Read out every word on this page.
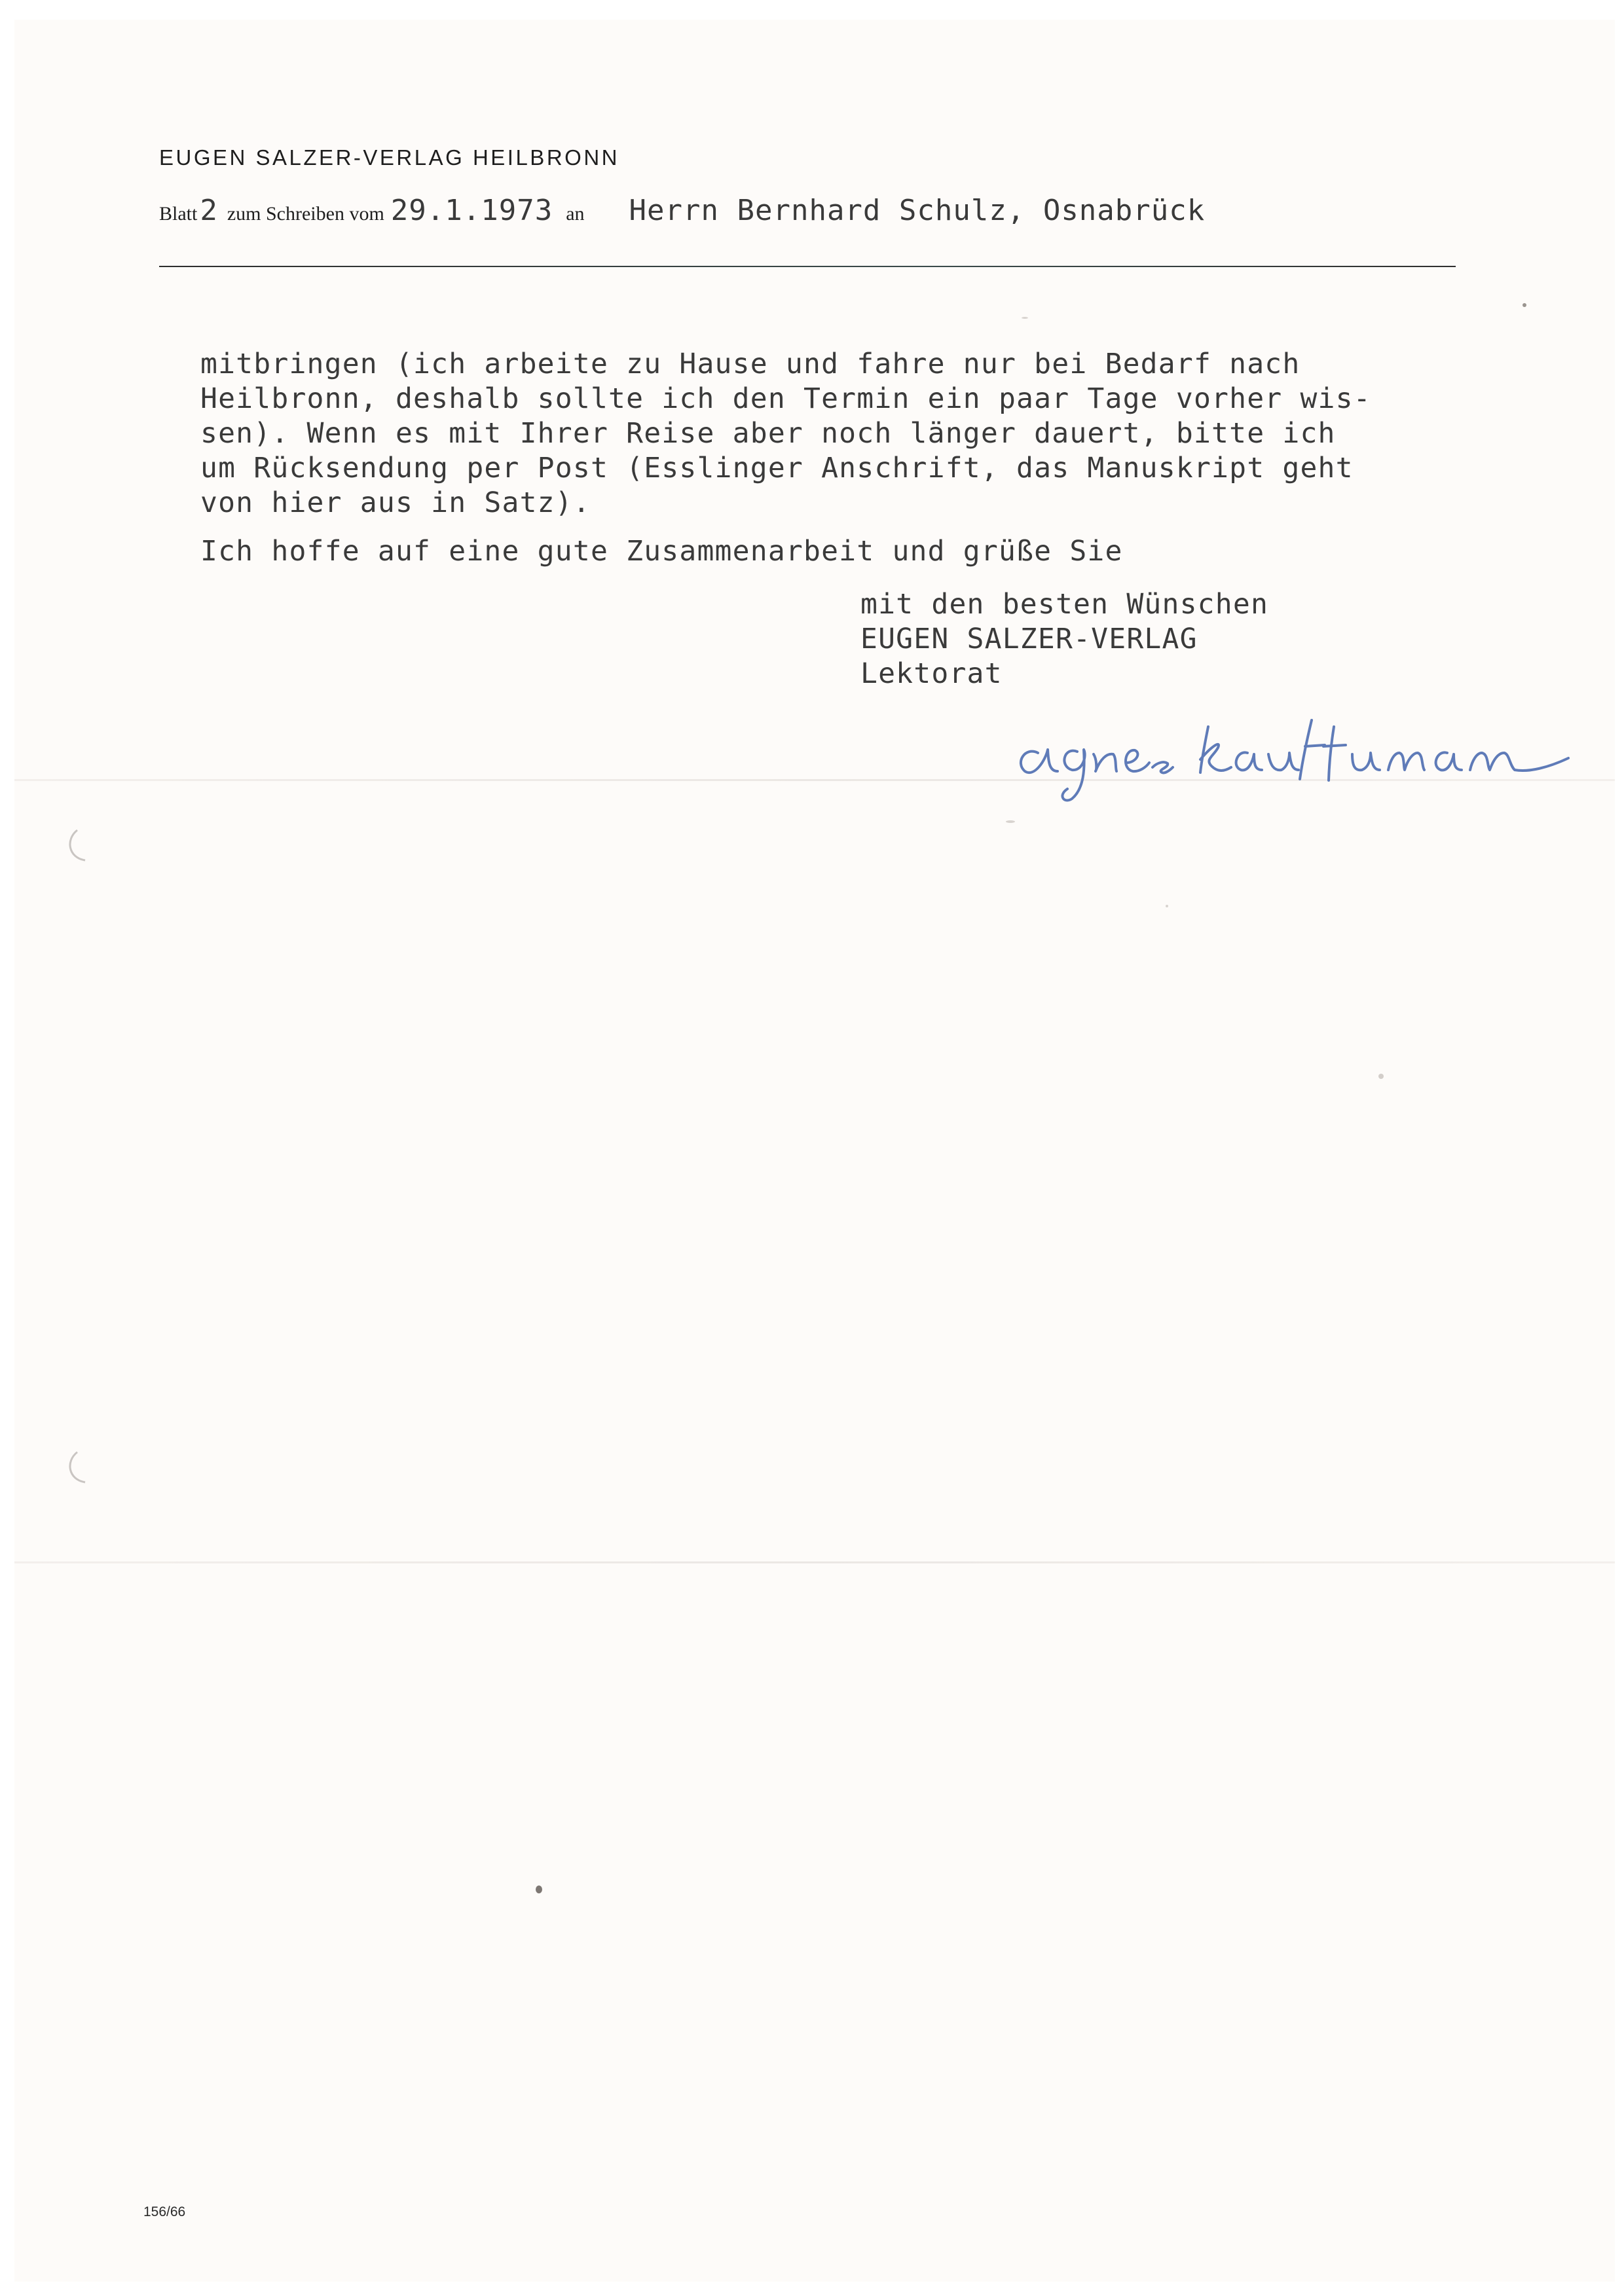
EUGEN SALZER-VERLAG HEILBRONN
Blatt 2 zum Schreiben vom 29.1.1973 an Herrn Bernhard Schulz, Osnabrück
mitbringen (ich arbeite zu Hause und fahre nur bei Bedarf nach
Heilbronn, deshalb sollte ich den Termin ein paar Tage vorher wis-
sen). Wenn es mit Ihrer Reise aber noch länger dauert, bitte ich
um Rücksendung per Post (Esslinger Anschrift, das Manuskript geht
von hier aus in Satz).
Ich hoffe auf eine gute Zusammenarbeit und grüße Sie
mit den besten Wünschen
EUGEN SALZER-VERLAG
Lektorat
156/66
